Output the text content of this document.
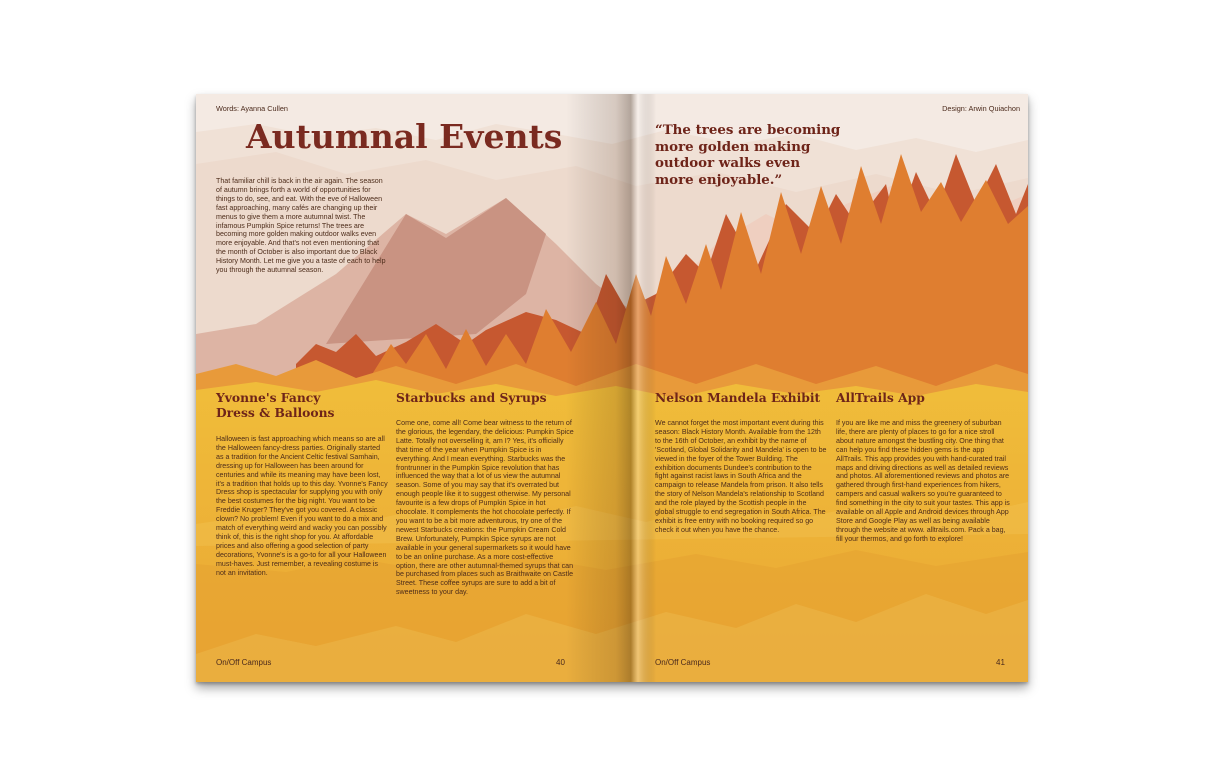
Words: Ayanna Cullen
Autumnal Events

That familiar chill is back in the air again. The season of autumn brings forth a world of opportunities for things to do, see, and eat. With the eve of Halloween fast approaching, many cafés are changing up their menus to give them a more autumnal twist. The infamous Pumpkin Spice returns! The trees are becoming more golden making outdoor walks even more enjoyable. And that's not even mentioning that the month of October is also important due to Black History Month. Let me give you a taste of each to help you through the autumnal season.

Yvonne's Fancy
Dress & Balloons

Halloween is fast approaching which means so are all the Halloween fancy-dress parties. Originally started as a tradition for the Ancient Celtic festival Samhain, dressing up for Halloween has been around for centuries and while its meaning may have been lost, it's a tradition that holds up to this day. Yvonne's Fancy Dress shop is spectacular for supplying you with only the best costumes for the big night. You want to be Freddie Kruger? They've got you covered. A classic clown? No problem! Even if you want to do a mix and match of everything weird and wacky you can possibly think of, this is the right shop for you. At affordable prices and also offering a good selection of party decorations, Yvonne's is a go-to for all your Halloween must-haves. Just remember, a revealing costume is not an invitation.

Starbucks and Syrups

Come one, come all! Come bear witness to the return of the glorious, the legendary, the delicious: Pumpkin Spice Latte. Totally not overselling it, am I? Yes, it's officially that time of the year when Pumpkin Spice is in everything. And I mean everything. Starbucks was the frontrunner in the Pumpkin Spice revolution that has influenced the way that a lot of us view the autumnal season. Some of you may say that it's overrated but enough people like it to suggest otherwise. My personal favourite is a few drops of Pumpkin Spice in hot chocolate. It complements the hot chocolate perfectly. If you want to be a bit more adventurous, try one of the newest Starbucks creations: the Pumpkin Cream Cold Brew. Unfortunately, Pumpkin Spice syrups are not available in your general supermarkets so it would have to be an online purchase. As a more cost-effective option, there are other autumnal-themed syrups that can be purchased from places such as Braithwaite on Castle Street. These coffee syrups are sure to add a bit of sweetness to your day.

On/Off Campus	40
Design: Arwin Quiachon
“The trees are becoming
more golden making
outdoor walks even
more enjoyable.”
Nelson Mandela Exhibit

We cannot forget the most important event during this season: Black History Month. Available from the 12th to the 16th of October, an exhibit by the name of 'Scotland, Global Solidarity and Mandela' is open to be viewed in the foyer of the Tower Building. The exhibition documents Dundee's contribution to the fight against racist laws in South Africa and the campaign to release Mandela from prison. It also tells the story of Nelson Mandela's relationship to Scotland and the role played by the Scottish people in the global struggle to end segregation in South Africa. The exhibit is free entry with no booking required so go check it out when you have the chance.

AllTrails App

If you are like me and miss the greenery of suburban life, there are plenty of places to go for a nice stroll about nature amongst the bustling city. One thing that can help you find these hidden gems is the app AllTrails. This app provides you with hand-curated trail maps and driving directions as well as detailed reviews and photos. All aforementioned reviews and photos are gathered through first-hand experiences from hikers, campers and casual walkers so you're guaranteed to find something in the city to suit your tastes. This app is available on all Apple and Android devices through App Store and Google Play as well as being available through the website at www. alltrails.com. Pack a bag, fill your thermos, and go forth to explore!

On/Off Campus	41
